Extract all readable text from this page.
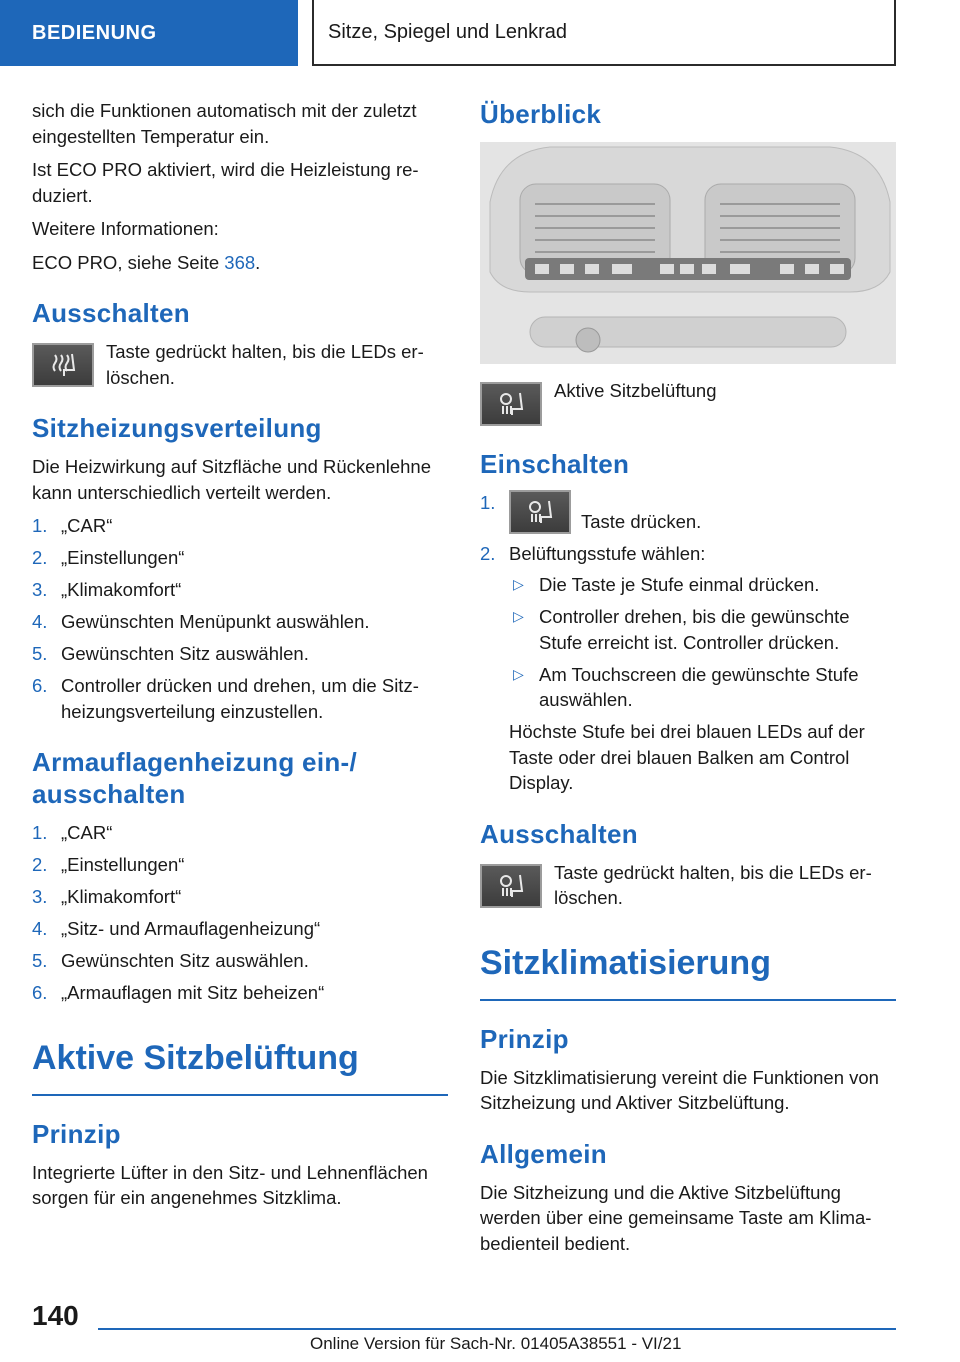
BEDIENUNG	Sitze, Spiegel und Lenkrad

sich die Funktionen automatisch mit der zuletzt eingestellten Temperatur ein.

Ist ECO PRO aktiviert, wird die Heizleistung reduziert.

Weitere Informationen:

ECO PRO, siehe Seite 368.

Ausschalten
Taste gedrückt halten, bis die LEDs erlöschen.
Sitzheizungsverteilung

Die Heizwirkung auf Sitzfläche und Rückenlehne kann unterschiedlich verteilt werden.

1. „CAR“
2. „Einstellungen“
3. „Klimakomfort“
4. Gewünschten Menüpunkt auswählen.
5. Gewünschten Sitz auswählen.
6. Controller drücken und drehen, um die Sitzheizungsverteilung einzustellen.
Armauflagenheizung ein-/ ausschalten
1. „CAR“
2. „Einstellungen“
3. „Klimakomfort“
4. „Sitz- und Armauflagenheizung“
5. Gewünschten Sitz auswählen.
6. „Armauflagen mit Sitz beheizen“
Aktive Sitzbelüftung
Prinzip

Integrierte Lüfter in den Sitz- und Lehnenflächen sorgen für ein angenehmes Sitzklima.

Überblick
Aktive Sitzbelüftung
Einschalten
1.
Taste drücken.
2. Belüftungsstufe wählen:
▷ Die Taste je Stufe einmal drücken.
▷ Controller drehen, bis die gewünschte Stufe erreicht ist. Controller drücken.
▷ Am Touchscreen die gewünschte Stufe auswählen.

Höchste Stufe bei drei blauen LEDs auf der Taste oder drei blauen Balken am Control Display.

Ausschalten
Taste gedrückt halten, bis die LEDs erlöschen.
Sitzklimatisierung
Prinzip

Die Sitzklimatisierung vereint die Funktionen von Sitzheizung und Aktiver Sitzbelüftung.

Allgemein

Die Sitzheizung und die Aktive Sitzbelüftung werden über eine gemeinsame Taste am Klimabedienteil bedient.

140
Online Version für Sach-Nr. 01405A38551 - VI/21
